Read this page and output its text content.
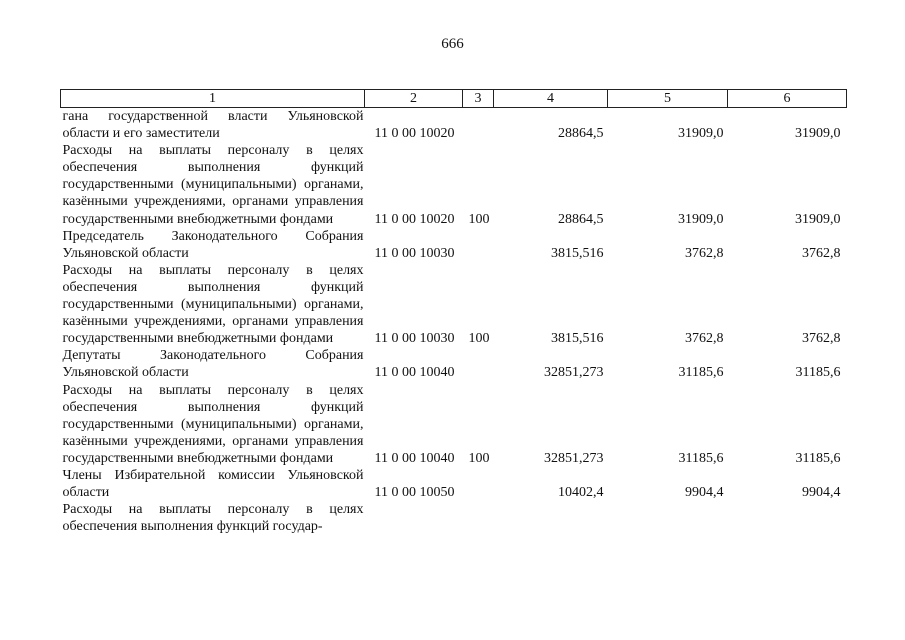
666
1	2	3	4	5	6
гана государственной власти Ульяновской области и его заместители	11 0 00 10020		28864,5	31909,0	31909,0
Расходы на выплаты персоналу в целях обеспечения выполнения функций государственными (муниципальными) органами, казёнными учреждениями, органами управления государственными внебюджетными фондами	11 0 00 10020	100	28864,5	31909,0	31909,0
Председатель Законодательного Собрания Ульяновской области	11 0 00 10030		3815,516	3762,8	3762,8
Расходы на выплаты персоналу в целях обеспечения выполнения функций государственными (муниципальными) органами, казёнными учреждениями, органами управления государственными внебюджетными фондами	11 0 00 10030	100	3815,516	3762,8	3762,8
Депутаты Законодательного Собрания Ульяновской области	11 0 00 10040		32851,273	31185,6	31185,6
Расходы на выплаты персоналу в целях обеспечения выполнения функций государственными (муниципальными) органами, казёнными учреждениями, органами управления государственными внебюджетными фондами	11 0 00 10040	100	32851,273	31185,6	31185,6
Члены Избирательной комиссии Ульяновской области	11 0 00 10050		10402,4	9904,4	9904,4
Расходы на выплаты персоналу в целях обеспечения выполнения функций государ-					
